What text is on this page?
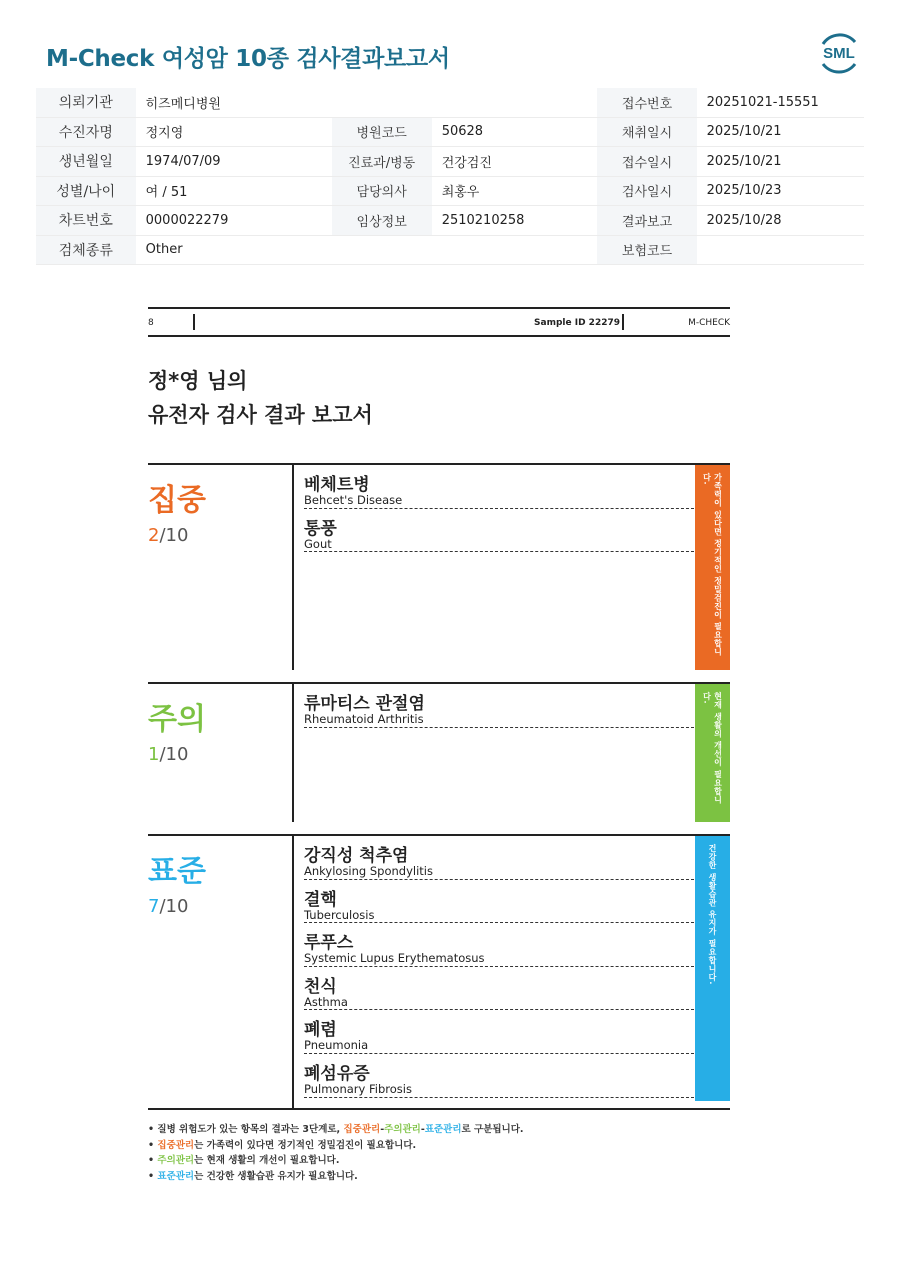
M-Check 여성암 10종 검사결과보고서	SML
의뢰기관	히즈메디병원			접수번호	20251021-15551
수진자명	정지영	병원코드	50628	채취일시	2025/10/21
생년월일	1974/07/09	진료과/병동	건강검진	접수일시	2025/10/21
성별/나이	여 / 51	담당의사	최홍우	검사일시	2025/10/23
차트번호	0000022279	임상정보	2510210258	결과보고	2025/10/28
검체종류	Other			보험코드	
8	Sample ID 22279	M-CHECK
정*영 님의
유전자 검사 결과 보고서
집중
2/10
베체트병
Behcet's Disease
통풍
Gout	가족력이 있다면 정기적인 정밀검진이 필요합니다.
주의
1/10
류마티스 관절염
Rheumatoid Arthritis	현재 생활의 개선이 필요합니다.
표준
7/10
강직성 척추염
Ankylosing Spondylitis
결핵
Tuberculosis
루푸스
Systemic Lupus Erythematosus
천식
Asthma
폐렴
Pneumonia
폐섬유증
Pulmonary Fibrosis
건강한 생활습관 유지가 필요합니다.
• 질병 위험도가 있는 항목의 결과는 3단계로, 집중관리-주의관리-표준관리로 구분됩니다.
• 집중관리는 가족력이 있다면 정기적인 정밀검진이 필요합니다.
• 주의관리는 현재 생활의 개선이 필요합니다.
• 표준관리는 건강한 생활습관 유지가 필요합니다.
